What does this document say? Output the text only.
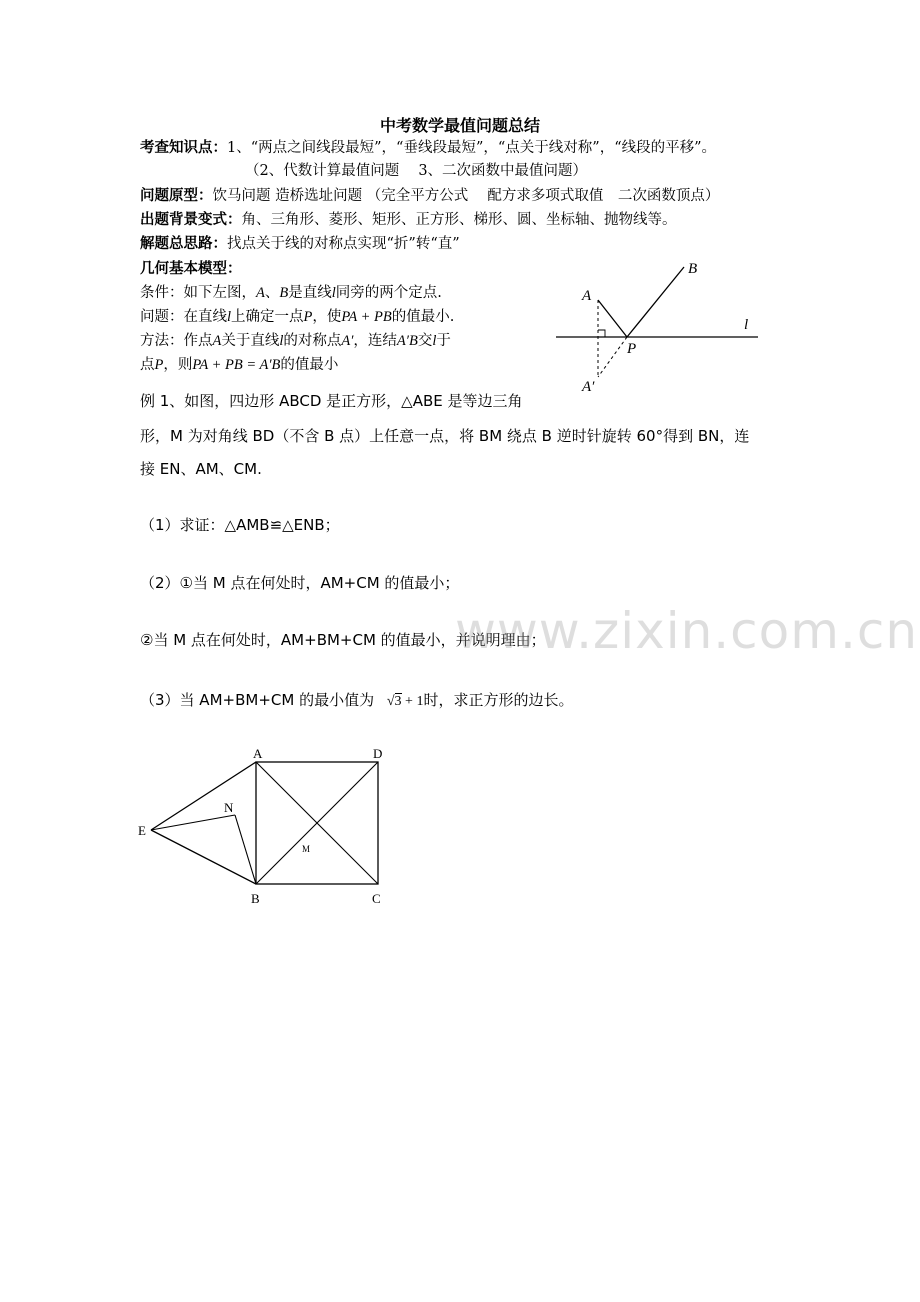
中考数学最值问题总结
考查知识点：1、“两点之间线段最短”，“垂线段最短”，“点关于线对称”，“线段的平移”。
（2、代数计算最值问题　 3、二次函数中最值问题）
问题原型：饮马问题 造桥选址问题 （完全平方公式　 配方求多项式取值　二次函数顶点）
出题背景变式：角、三角形、菱形、矩形、正方形、梯形、圆、坐标轴、抛物线等。
解题总思路：找点关于线的对称点实现“折”转“直”
几何基本模型：
条件：如下左图，A、B是直线l同旁的两个定点.
问题：在直线l上确定一点P，使PA + PB的值最小.
方法：作点A关于直线l的对称点A′，连结A′B交l于
点P，则PA + PB = A′B的值最小
A
B
l
P
A′
例 1、如图，四边形 ABCD 是正方形，△ABE 是等边三角
形，M 为对角线 BD（不含 B 点）上任意一点，将 BM 绕点 B 逆时针旋转 60°得到 BN，连
接 EN、AM、CM.
（1）求证：△AMB≌△ENB；
（2）①当 M 点在何处时，AM+CM 的值最小；
②当 M 点在何处时，AM+BM+CM 的值最小，并说明理由；
（3）当 AM+BM+CM 的最小值为 √3 + 1时，求正方形的边长。
www.zixin.com.cn
A	D
N
E
M
B	C
